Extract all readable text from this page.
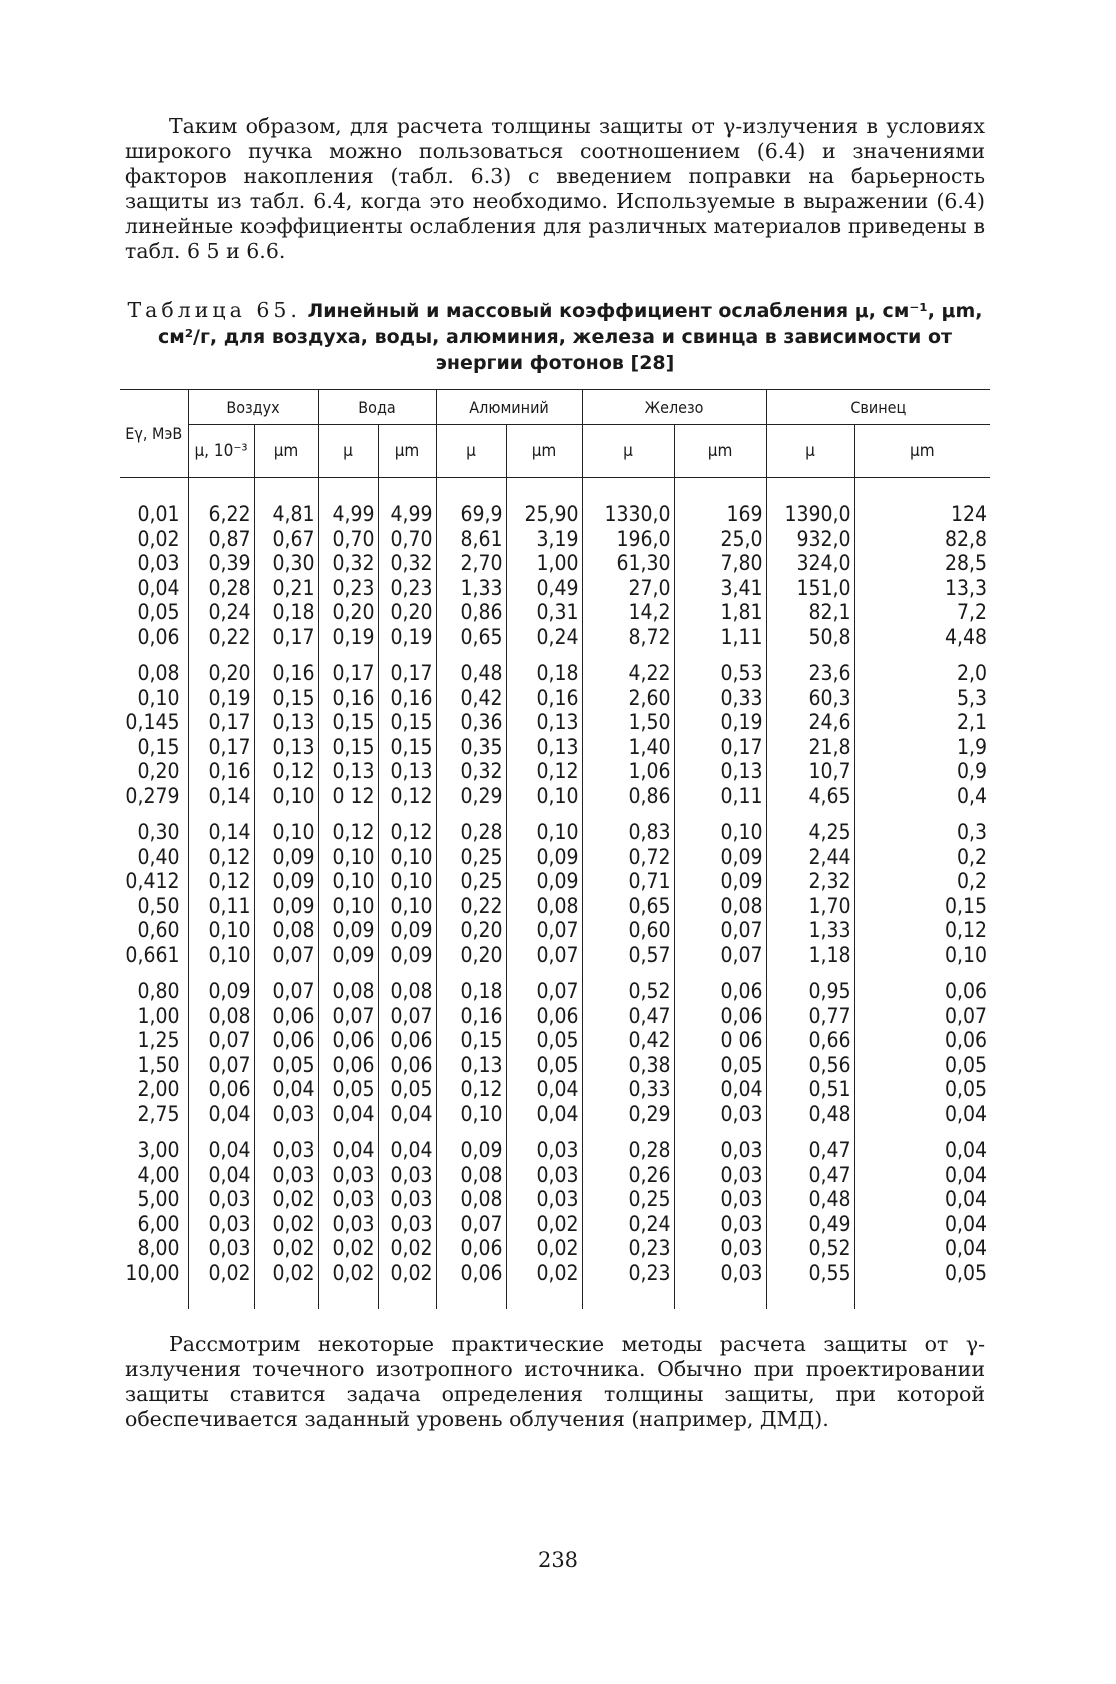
Таким образом, для расчета толщины защиты от γ-излучения в условиях широкого пучка можно пользоваться соотношением (6.4) и значениями факторов накопления (табл. 6.3) с введением поправки на барьерность защиты из табл. 6.4, когда это необходимо. Используемые в выражении (6.4) линейные коэффициенты ослабления для различных материалов приведены в табл. 6 5 и 6.6.

Таблица 65. Линейный и массовый коэффициент ослабления μ, см⁻¹, μm, см²/г, для воздуха, воды, алюминия, железа и свинца в зависимости от энергии фотонов [28]
Eγ, МэВ	Воздух		Вода		Алюминий		Железо		Свинец	
	μ, 10⁻³	μm	μ	μm	μ	μm	μ	μm	μ	μm

0,01	6,22	4,81	4,99	4,99	69,9	25,90	1330,0	169	1390,0	124
0,02	0,87	0,67	0,70	0,70	8,61	3,19	196,0	25,0	932,0	82,8
0,03	0,39	0,30	0,32	0,32	2,70	1,00	61,30	7,80	324,0	28,5
0,04	0,28	0,21	0,23	0,23	1,33	0,49	27,0	3,41	151,0	13,3
0,05	0,24	0,18	0,20	0,20	0,86	0,31	14,2	1,81	82,1	7,2
0,06	0,22	0,17	0,19	0,19	0,65	0,24	8,72	1,11	50,8	4,48

0,08	0,20	0,16	0,17	0,17	0,48	0,18	4,22	0,53	23,6	2,0
0,10	0,19	0,15	0,16	0,16	0,42	0,16	2,60	0,33	60,3	5,3
0,145	0,17	0,13	0,15	0,15	0,36	0,13	1,50	0,19	24,6	2,1
0,15	0,17	0,13	0,15	0,15	0,35	0,13	1,40	0,17	21,8	1,9
0,20	0,16	0,12	0,13	0,13	0,32	0,12	1,06	0,13	10,7	0,9
0,279	0,14	0,10	0 12	0,12	0,29	0,10	0,86	0,11	4,65	0,4

0,30	0,14	0,10	0,12	0,12	0,28	0,10	0,83	0,10	4,25	0,3
0,40	0,12	0,09	0,10	0,10	0,25	0,09	0,72	0,09	2,44	0,2
0,412	0,12	0,09	0,10	0,10	0,25	0,09	0,71	0,09	2,32	0,2
0,50	0,11	0,09	0,10	0,10	0,22	0,08	0,65	0,08	1,70	0,15
0,60	0,10	0,08	0,09	0,09	0,20	0,07	0,60	0,07	1,33	0,12
0,661	0,10	0,07	0,09	0,09	0,20	0,07	0,57	0,07	1,18	0,10

0,80	0,09	0,07	0,08	0,08	0,18	0,07	0,52	0,06	0,95	0,06
1,00	0,08	0,06	0,07	0,07	0,16	0,06	0,47	0,06	0,77	0,07
1,25	0,07	0,06	0,06	0,06	0,15	0,05	0,42	0 06	0,66	0,06
1,50	0,07	0,05	0,06	0,06	0,13	0,05	0,38	0,05	0,56	0,05
2,00	0,06	0,04	0,05	0,05	0,12	0,04	0,33	0,04	0,51	0,05
2,75	0,04	0,03	0,04	0,04	0,10	0,04	0,29	0,03	0,48	0,04

3,00	0,04	0,03	0,04	0,04	0,09	0,03	0,28	0,03	0,47	0,04
4,00	0,04	0,03	0,03	0,03	0,08	0,03	0,26	0,03	0,47	0,04
5,00	0,03	0,02	0,03	0,03	0,08	0,03	0,25	0,03	0,48	0,04
6,00	0,03	0,02	0,03	0,03	0,07	0,02	0,24	0,03	0,49	0,04
8,00	0,03	0,02	0,02	0,02	0,06	0,02	0,23	0,03	0,52	0,04
10,00	0,02	0,02	0,02	0,02	0,06	0,02	0,23	0,03	0,55	0,05

Рассмотрим некоторые практические методы расчета защиты от γ-излучения точечного изотропного источника. Обычно при проектировании защиты ставится задача определения толщины защиты, при которой обеспечивается заданный уровень облучения (например, ДМД).

238
